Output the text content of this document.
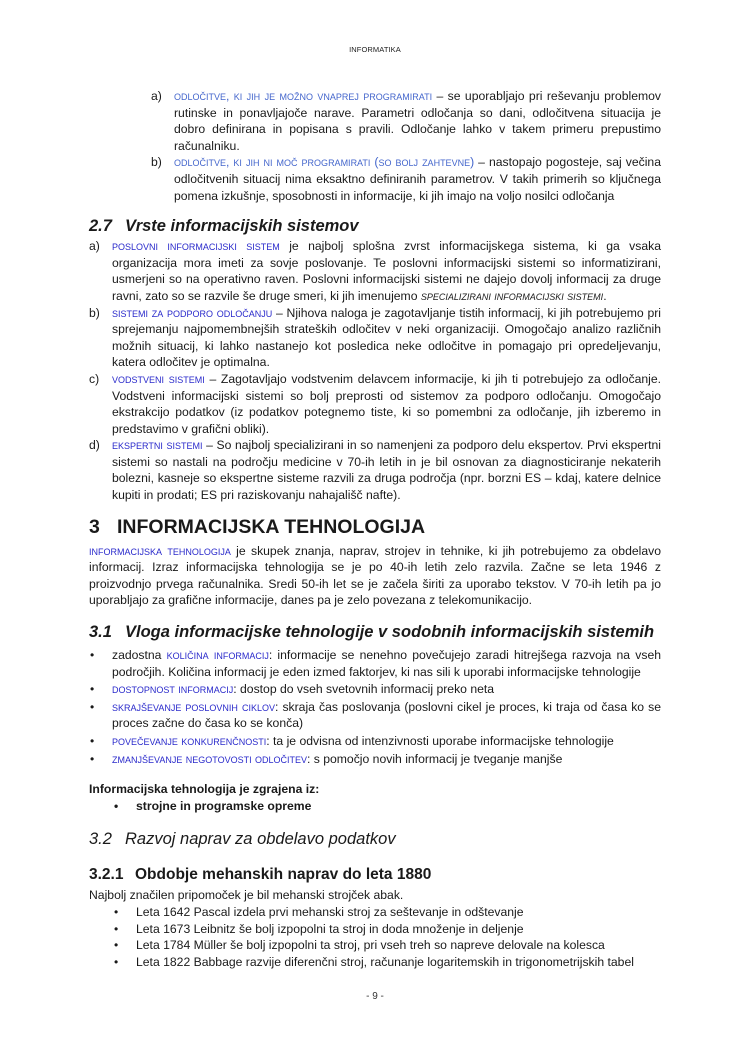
INFORMATIKA
a) odločitve, ki jih je možno vnaprej programirati – se uporabljajo pri reševanju problemov rutinske in ponavljajoče narave. Parametri odločanja so dani, odločitvena situacija je dobro definirana in popisana s pravili. Odločanje lahko v takem primeru prepustimo računalniku.
b) odločitve, ki jih ni moč programirati (so bolj zahtevne) – nastopajo pogosteje, saj večina odločitvenih situacij nima eksaktno definiranih parametrov. V takih primerih so ključnega pomena izkušnje, sposobnosti in informacije, ki jih imajo na voljo nosilci odločanja
2.7 Vrste informacijskih sistemov
a) poslovni informacijski sistem je najbolj splošna zvrst informacijskega sistema, ki ga vsaka organizacija mora imeti za sovje poslovanje. Te poslovni informacijski sistemi so informatizirani, usmerjeni so na operativno raven. Poslovni informacijski sistemi ne dajejo dovolj informacij za druge ravni, zato so se razvile še druge smeri, ki jih imenujemo specializirani informacijski sistemi.
b) sistemi za podporo odločanju – Njihova naloga je zagotavljanje tistih informacij, ki jih potrebujemo pri sprejemanju najpomembnejših strateških odločitev v neki organizaciji. Omogočajo analizo različnih možnih situacij, ki lahko nastanejo kot posledica neke odločitve in pomagajo pri opredeljevanju, katera odločitev je optimalna.
c) vodstveni sistemi – Zagotavljajo vodstvenim delavcem informacije, ki jih ti potrebujejo za odločanje. Vodstveni informacijski sistemi so bolj preprosti od sistemov za podporo odločanju. Omogočajo ekstrakcijo podatkov (iz podatkov potegnemo tiste, ki so pomembni za odločanje, jih izberemo in predstavimo v grafični obliki).
d) ekspertni sistemi – So najbolj specializirani in so namenjeni za podporo delu ekspertov. Prvi ekspertni sistemi so nastali na področju medicine v 70-ih letih in je bil osnovan za diagnosticiranje nekaterih bolezni, kasneje so ekspertne sisteme razvili za druga področja (npr. borzni ES – kdaj, katere delnice kupiti in prodati; ES pri raziskovanju nahajališč nafte).
3 INFORMACIJSKA TEHNOLOGIJA

informacijska tehnologija je skupek znanja, naprav, strojev in tehnike, ki jih potrebujemo za obdelavo informacij. Izraz informacijska tehnologija se je po 40-ih letih zelo razvila. Začne se leta 1946 z proizvodnjo prvega računalnika. Sredi 50-ih let se je začela širiti za uporabo tekstov. V 70-ih letih pa jo uporabljajo za grafične informacije, danes pa je zelo povezana z telekomunikacijo.

3.1 Vloga informacijske tehnologije v sodobnih informacijskih sistemih
• zadostna količina informacij: informacije se nenehno povečujejo zaradi hitrejšega razvoja na vseh področjih. Količina informacij je eden izmed faktorjev, ki nas sili k uporabi informacijske tehnologije
• dostopnost informacij: dostop do vseh svetovnih informacij preko neta
• skrajševanje poslovnih ciklov: skraja čas poslovanja (poslovni cikel je proces, ki traja od časa ko se proces začne do časa ko se konča)
• povečevanje konkurenčnosti: ta je odvisna od intenzivnosti uporabe informacijske tehnologije
• zmanjševanje negotovosti odločitev: s pomočjo novih informacij je tveganje manjše

Informacijska tehnologija je zgrajena iz:

• strojne in programske opreme
3.2 Razvoj naprav za obdelavo podatkov
3.2.1 Obdobje mehanskih naprav do leta 1880

Najbolj značilen pripomoček je bil mehanski strojček abak.

• Leta 1642 Pascal izdela prvi mehanski stroj za seštevanje in odštevanje
• Leta 1673 Leibnitz še bolj izpopolni ta stroj in doda množenje in deljenje
• Leta 1784 Müller še bolj izpopolni ta stroj, pri vseh treh so napreve delovale na kolesca
• Leta 1822 Babbage razvije diferenčni stroj, računanje logaritemskih in trigonometrijskih tabel
- 9 -
